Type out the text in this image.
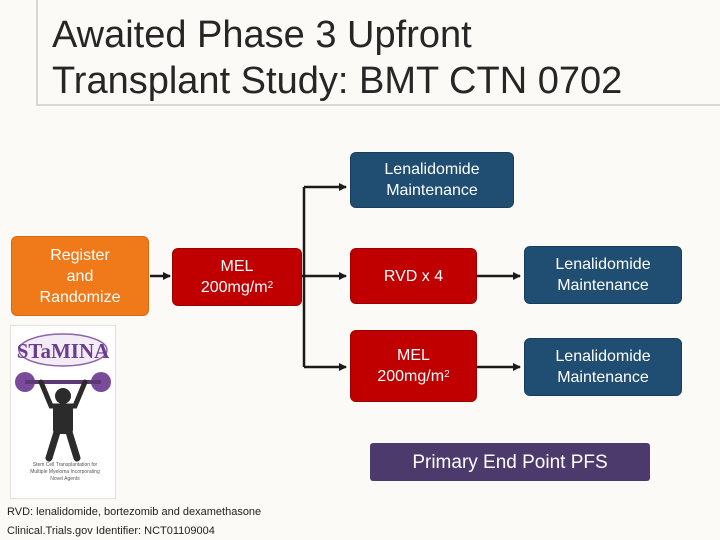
Awaited Phase 3 Upfront
Transplant Study: BMT CTN 0702
Register
and
Randomize
MEL
$200mg/m^2$
Lenalidomide
Maintenance
RVD x 4
MEL
$200mg/m^2$
Lenalidomide
Maintenance
Lenalidomide
Maintenance
Primary End Point PFS
STaMINA
Stem Cell Transplantation for Multiple Myeloma Incorporating Novel Agents
RVD: lenalidomide, bortezomib and dexamethasone
Clinical.Trials.gov Identifier: NCT01109004
